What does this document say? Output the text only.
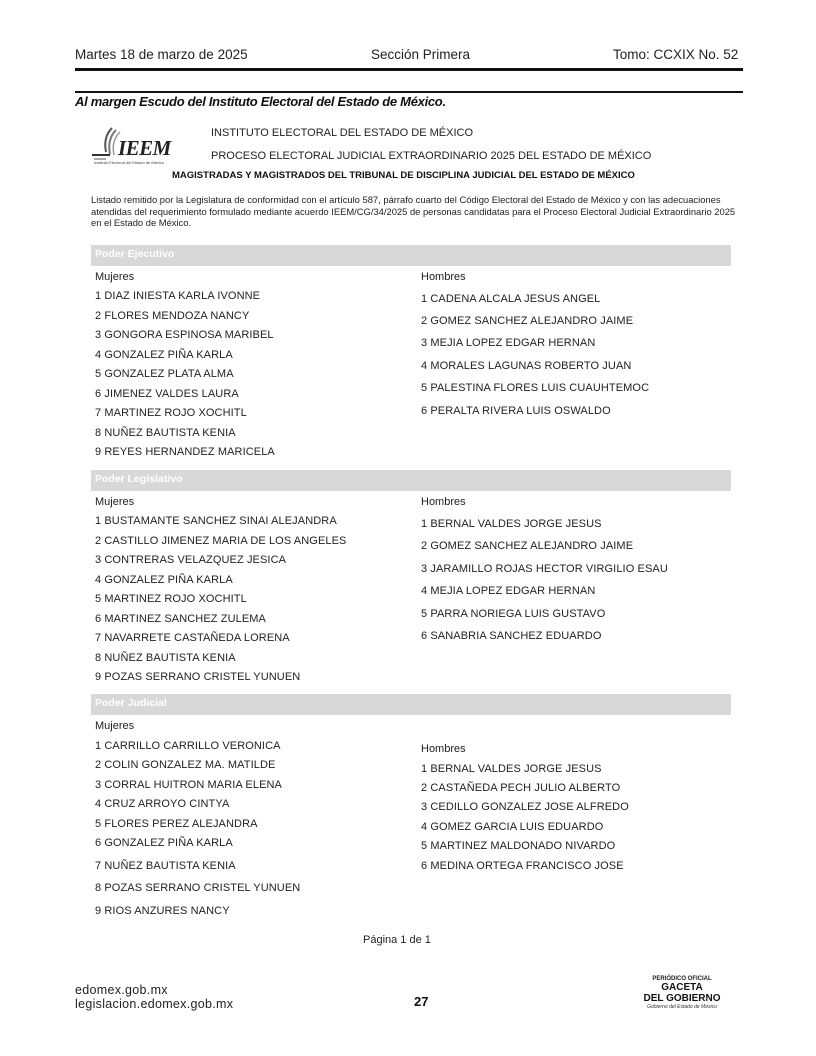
Martes 18 de marzo de 2025	Sección Primera	Tomo: CCXIX No. 52
Al margen Escudo del Instituto Electoral del Estado de México.
IEEM
Instituto Electoral del Estado de México
INSTITUTO ELECTORAL DEL ESTADO DE MÉXICO
PROCESO ELECTORAL JUDICIAL EXTRAORDINARIO 2025 DEL ESTADO DE MÉXICO
MAGISTRADAS Y MAGISTRADOS DEL TRIBUNAL DE DISCIPLINA JUDICIAL DEL ESTADO DE MÉXICO
Listado remitido por la Legislatura de conformidad con el artículo 587, párrafo cuarto del Código Electoral del Estado de México y con las adecuaciones atendidas del requerimiento formulado mediante acuerdo IEEM/CG/34/2025 de personas candidatas para el Proceso Electoral Judicial Extraordinario 2025 en el Estado de México.
Poder Ejecutivo
Mujeres	Hombres
1 DIAZ INIESTA KARLA IVONNE
2 FLORES MENDOZA NANCY
3 GONGORA ESPINOSA MARIBEL
4 GONZALEZ PIÑA KARLA
5 GONZALEZ PLATA ALMA
6 JIMENEZ VALDES LAURA
7 MARTINEZ ROJO XOCHITL
8 NUÑEZ BAUTISTA KENIA
9 REYES HERNANDEZ MARICELA
1 CADENA ALCALA JESUS ANGEL
2 GOMEZ SANCHEZ ALEJANDRO JAIME
3 MEJIA LOPEZ EDGAR HERNAN
4 MORALES LAGUNAS ROBERTO JUAN
5 PALESTINA FLORES LUIS CUAUHTEMOC
6 PERALTA RIVERA LUIS OSWALDO
Poder Legislativo
Mujeres	Hombres
1 BUSTAMANTE SANCHEZ SINAI ALEJANDRA
2 CASTILLO JIMENEZ MARIA DE LOS ANGELES
3 CONTRERAS VELAZQUEZ JESICA
4 GONZALEZ PIÑA KARLA
5 MARTINEZ ROJO XOCHITL
6 MARTINEZ SANCHEZ ZULEMA
7 NAVARRETE CASTAÑEDA LORENA
8 NUÑEZ BAUTISTA KENIA
9 POZAS SERRANO CRISTEL YUNUEN
1 BERNAL VALDES JORGE JESUS
2 GOMEZ SANCHEZ ALEJANDRO JAIME
3 JARAMILLO ROJAS HECTOR VIRGILIO ESAU
4 MEJIA LOPEZ EDGAR HERNAN
5 PARRA NORIEGA LUIS GUSTAVO
6 SANABRIA SANCHEZ EDUARDO
Poder Judicial
Mujeres
Hombres
1 CARRILLO CARRILLO VERONICA
2 COLIN GONZALEZ MA. MATILDE
3 CORRAL HUITRON MARIA ELENA
4 CRUZ ARROYO CINTYA
5 FLORES PEREZ ALEJANDRA
6 GONZALEZ PIÑA KARLA
7 NUÑEZ BAUTISTA KENIA
8 POZAS SERRANO CRISTEL YUNUEN
9 RIOS ANZURES NANCY
1 BERNAL VALDES JORGE JESUS
2 CASTAÑEDA PECH JULIO ALBERTO
3 CEDILLO GONZALEZ JOSE ALFREDO
4 GOMEZ GARCIA LUIS EDUARDO
5 MARTINEZ MALDONADO NIVARDO
6 MEDINA ORTEGA FRANCISCO JOSE
Página 1 de 1
edomex.gob.mx
legislacion.edomex.gob.mx	27
PERIÓDICO OFICIAL
GACETA
DEL GOBIERNO
Gobierno del Estado de México
